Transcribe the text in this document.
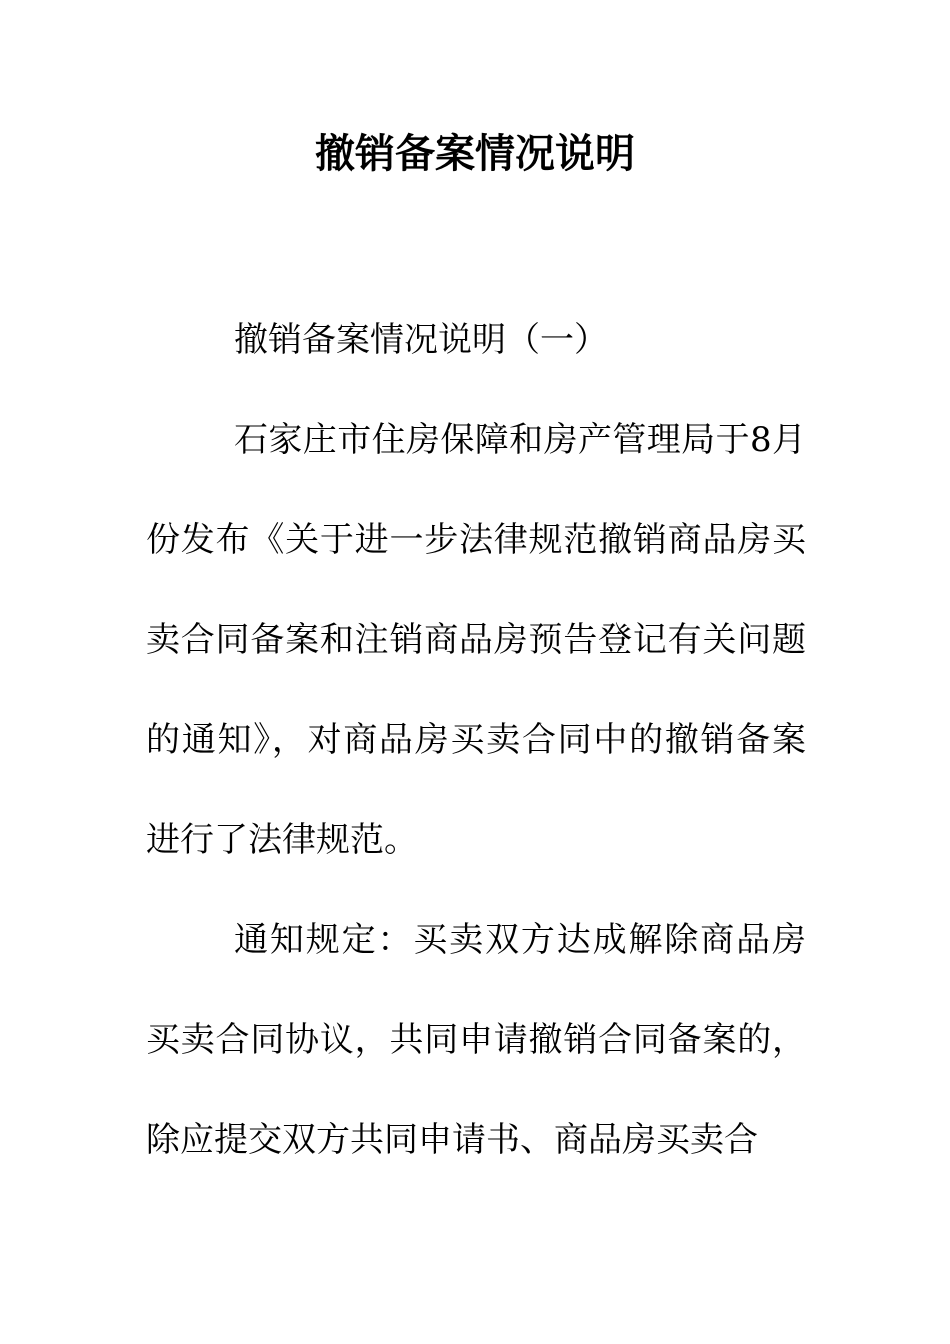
撤销备案情况说明

撤销备案情况说明（一）

石家庄市住房保障和房产管理局于8月份发布《关于进一步法律规范撤销商品房买卖合同备案和注销商品房预告登记有关问题的通知》，对商品房买卖合同中的撤销备案进行了法律规范。

通知规定：买卖双方达成解除商品房买卖合同协议，共同申请撤销合同备案的，除应提交双方共同申请书、商品房买卖合
